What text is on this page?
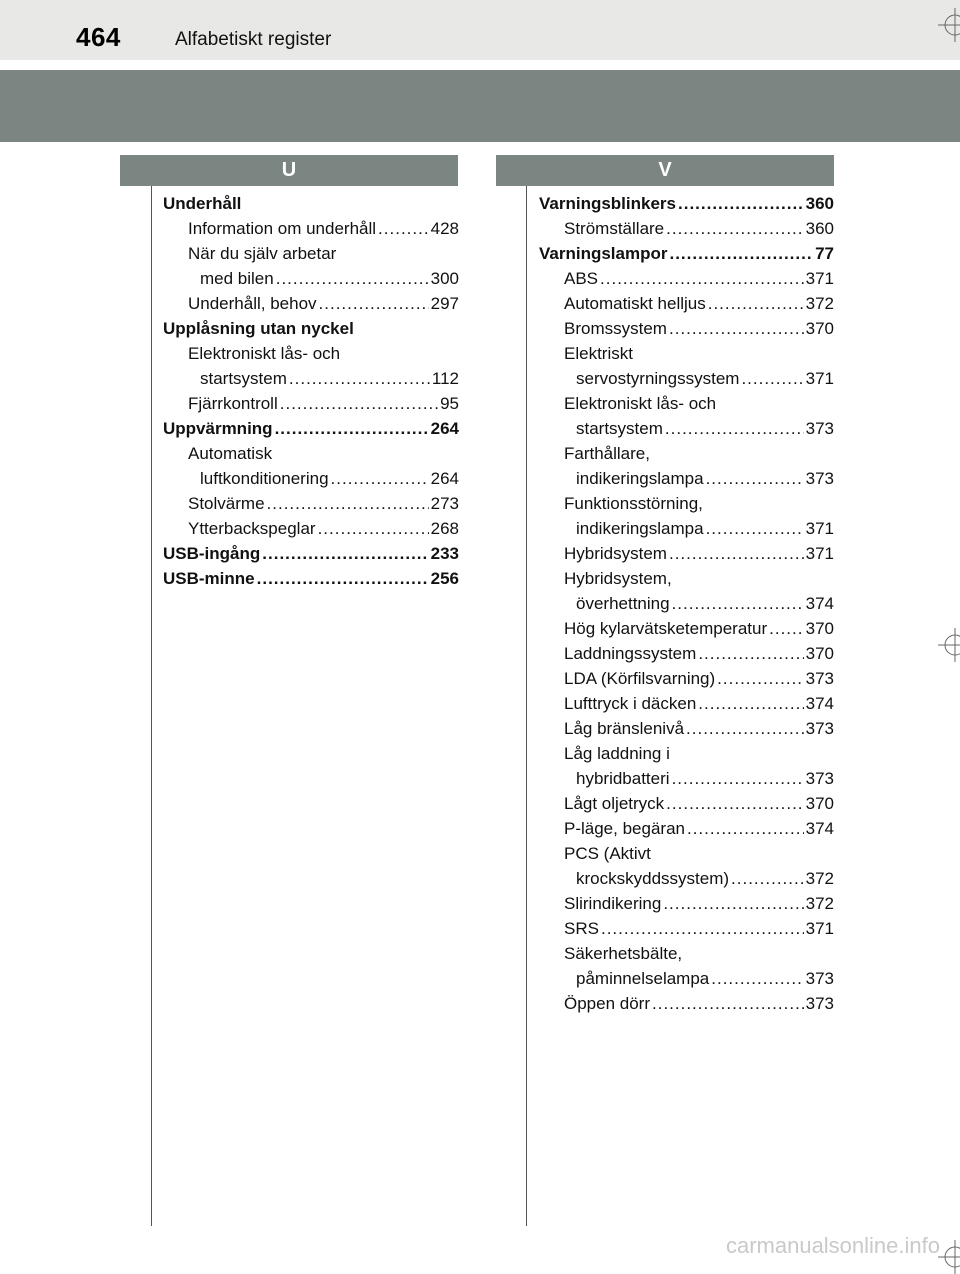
464	Alfabetiskt register
U	V
Underhåll
Information om underhåll .....	428
När du själv arbetar
med bilen .....	300
Underhåll, behov .....	297
Upplåsning utan nyckel
Elektroniskt lås- och
startsystem .....	112
Fjärrkontroll .....	95
Uppvärmning .....	264
Automatisk
luftkonditionering .....	264
Stolvärme .....	273
Ytterbackspeglar .....	268
USB-ingång .....	233
USB-minne .....	256
Varningsblinkers .....	360
Strömställare .....	360
Varningslampor .....	77
ABS .....	371
Automatiskt helljus .....	372
Bromssystem .....	370
Elektriskt
servostyrningssystem .....	371
Elektroniskt lås- och
startsystem .....	373
Farthållare,
indikeringslampa .....	373
Funktionsstörning,
indikeringslampa .....	371
Hybridsystem .....	371
Hybridsystem,
överhettning .....	374
Hög kylarvätsketemperatur ..... 370
Laddningssystem .....	370
LDA (Körfilsvarning) .....	373
Lufttryck i däcken .....	374
Låg bränslenivå .....	373
Låg laddning i
hybridbatteri .....	373
Lågt oljetryck .....	370
P-läge, begäran .....	374
PCS (Aktivt
krockskyddssystem) .....	372
Slirindikering .....	372
SRS .....	371
Säkerhetsbälte,
påminnelselampa .....	373
Öppen dörr .....	373
carmanualsonline.info
